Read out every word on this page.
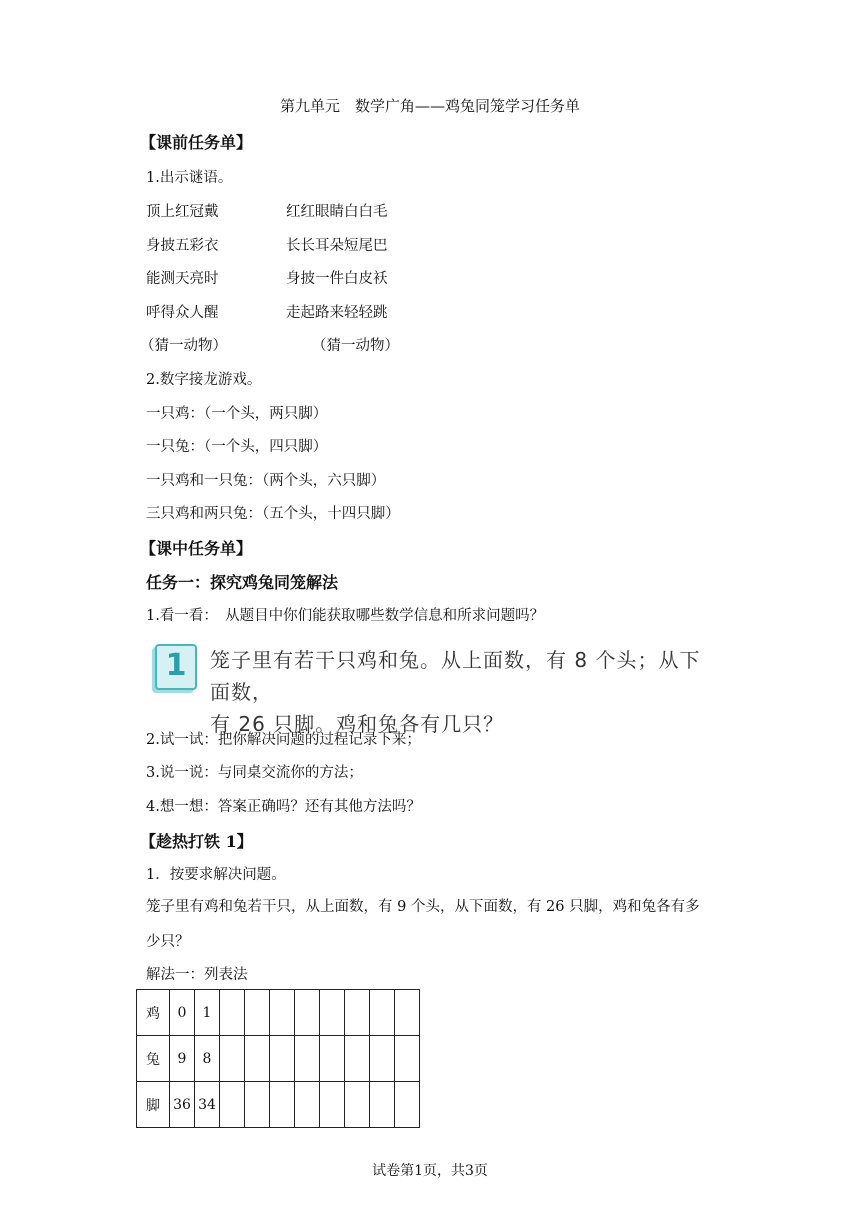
第九单元　数学广角——鸡兔同笼学习任务单
【课前任务单】
1.出示谜语。
顶上红冠戴	红红眼睛白白毛
身披五彩衣	长长耳朵短尾巴
能测天亮时	身披一件白皮袄
呼得众人醒	走起路来轻轻跳
（猜一动物）	（猜一动物）
2.数字接龙游戏。
一只鸡：（一个头，两只脚）
一只兔：（一个头，四只脚）
一只鸡和一只兔：（两个头，六只脚）
三只鸡和两只兔：（五个头，十四只脚）
【课中任务单】
任务一：探究鸡兔同笼解法
1.看一看：　从题目中你们能获取哪些数学信息和所求问题吗？
1	笼子里有若干只鸡和兔。从上面数，有 8 个头；从下面数，
有 26 只脚。鸡和兔各有几只？
2.试一试：把你解决问题的过程记录下来；
3.说一说：与同桌交流你的方法；
4.想一想：答案正确吗？还有其他方法吗？
【趁热打铁 1】
1．按要求解决问题。
笼子里有鸡和兔若干只，从上面数，有 9 个头，从下面数，有 26 只脚，鸡和兔各有多
少只？
解法一：列表法
鸡	0	1								
兔	9	8								
脚	36	34								
试卷第1页，共3页
